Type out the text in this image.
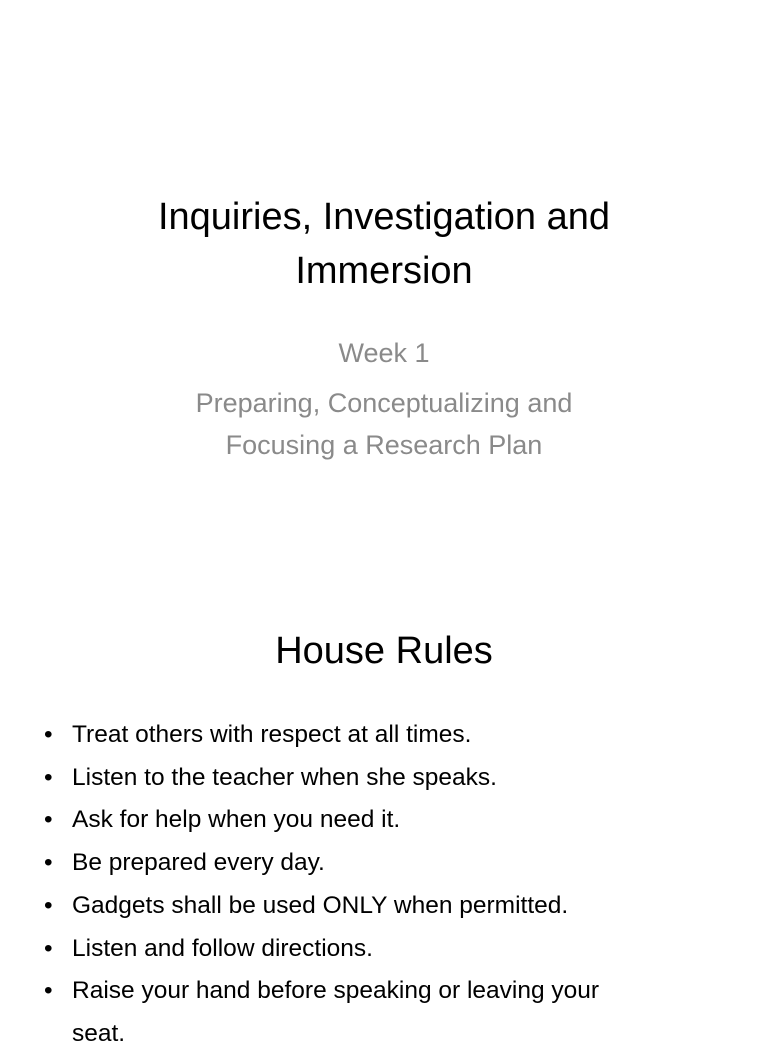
Inquiries, Investigation and
Immersion
Week 1
Preparing, Conceptualizing and
Focusing a Research Plan
House Rules
• Treat others with respect at all times.
• Listen to the teacher when she speaks.
• Ask for help when you need it.
• Be prepared every day.
• Gadgets shall be used ONLY when permitted.
• Listen and follow directions.
• Raise your hand before speaking or leaving your
seat.
